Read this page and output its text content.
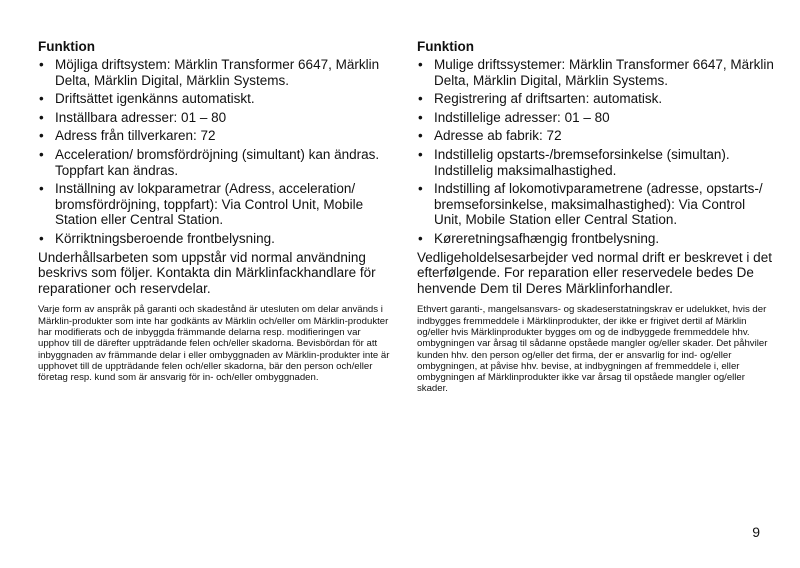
Funktion
• Möjliga driftsystem: Märklin Transformer 6647, Märklin Delta, Märklin Digital, Märklin Systems.
• Driftsättet igenkänns automatiskt.
• Inställbara adresser: 01 – 80
• Adress från tillverkaren: 72
• Acceleration/ bromsfördröjning (simultant) kan ändras. Toppfart kan ändras.
• Inställning av lokparametrar (Adress, acceleration/ bromsfördröjning, toppfart): Via Control Unit, Mobile Station eller Central Station.
• Körriktningsberoende frontbelysning.

Underhållsarbeten som uppstår vid normal användning beskrivs som följer. Kontakta din Märklinfackhandlare för reparationer och reservdelar.

Varje form av anspråk på garanti och skadestånd är utesluten om delar används i Märklin-produkter som inte har godkänts av Märklin och/eller om Märklin-produkter har modifierats och de inbyggda främmande delarna resp. modifieringen var upphov till de därefter uppträdande felen och/eller skadorna. Bevisbördan för att inbyggnaden av främmande delar i eller ombyggnaden av Märklin-produkter inte är upphovet till de uppträdande felen och/eller skadorna, bär den person och/eller företag resp. kund som är ansvarig för in- och/eller ombyggnaden.

Funktion
• Mulige driftssystemer: Märklin Transformer 6647, Märklin Delta, Märklin Digital, Märklin Systems.
• Registrering af driftsarten: automatisk.
• Indstillelige adresser: 01 – 80
• Adresse ab fabrik: 72
• Indstillelig opstarts-/bremseforsinkelse (simultan). Indstillelig maksimalhastighed.
• Indstilling af lokomotivparametrene (adresse, opstarts-/ bremseforsinkelse, maksimalhastighed): Via Control Unit, Mobile Station eller Central Station.
• Køreretningsafhængig frontbelysning.

Vedligeholdelsesarbejder ved normal drift er beskrevet i det efterfølgende. For reparation eller reservedele bedes De henvende Dem til Deres Märklinforhandler.

Ethvert garanti-, mangelsansvars- og skadeserstatningskrav er udelukket, hvis der indbygges fremmeddele i Märklinprodukter, der ikke er frigivet dertil af Märklin og/eller hvis Märklinprodukter bygges om og de indbyggede fremmeddele hhv. ombygningen var årsag til sådanne opståede mangler og/eller skader. Det påhviler kunden hhv. den person og/eller det firma, der er ansvarlig for ind- og/eller ombygningen, at påvise hhv. bevise, at indbygningen af fremmeddele i, eller ombygningen af Märklinprodukter ikke var årsag til opståede mangler og/eller skader.

9
